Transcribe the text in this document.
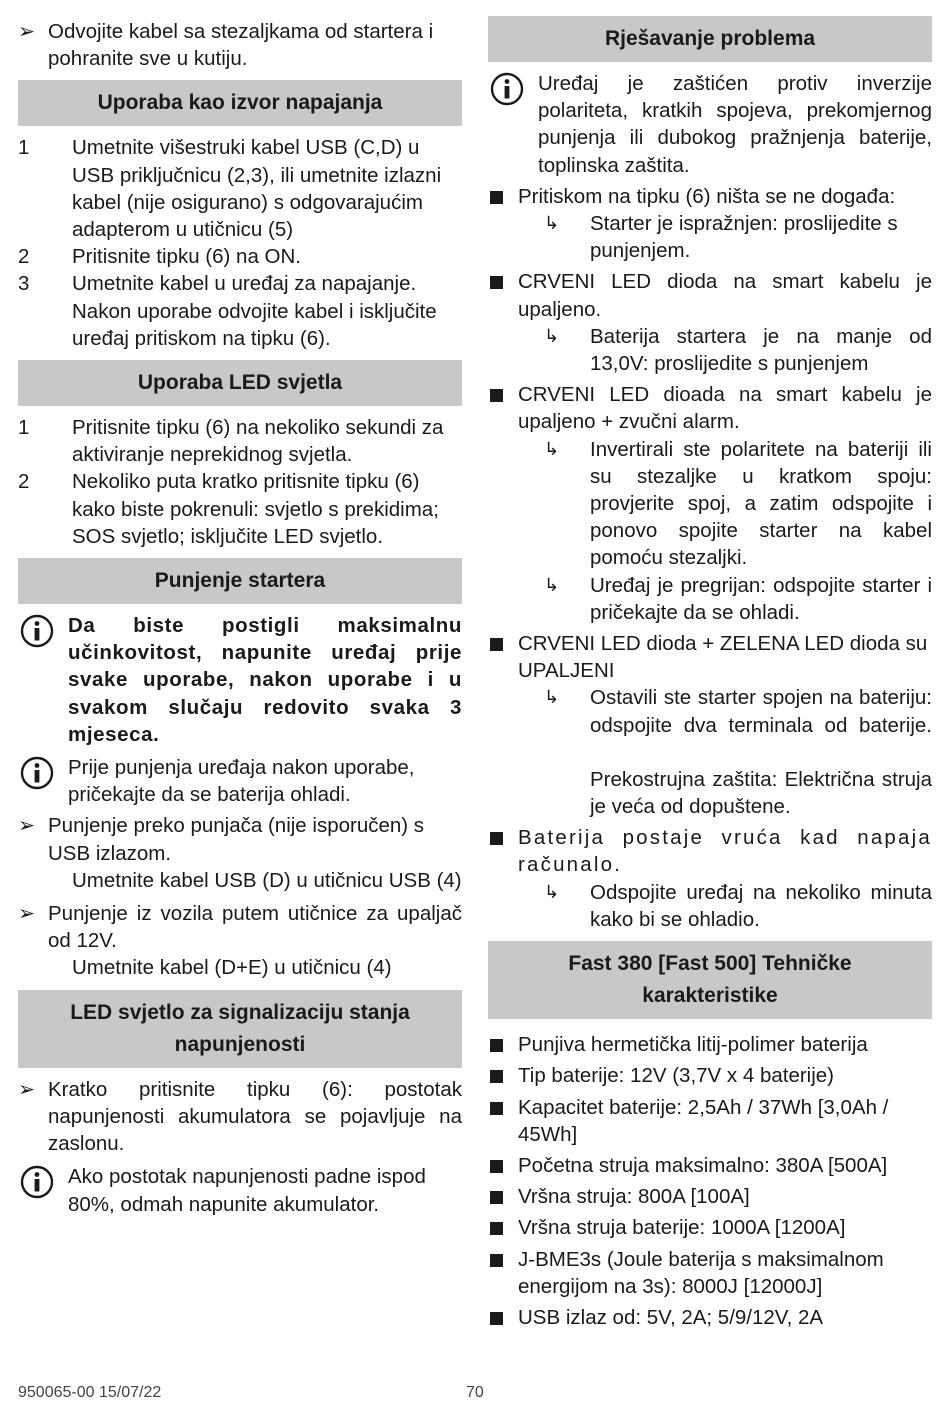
➢ Odvojite kabel sa stezaljkama od startera i pohranite sve u kutiju.
Uporaba kao izvor napajanja
1 Umetnite višestruki kabel USB (C,D) u USB priključnicu (2,3), ili umetnite izlazni kabel (nije osigurano) s odgovarajućim adapterom u utičnicu (5)
2 Pritisnite tipku (6) na ON.
3 Umetnite kabel u uređaj za napajanje. Nakon uporabe odvojite kabel i isključite uređaj pritiskom na tipku (6).
Uporaba LED svjetla
1 Pritisnite tipku (6) na nekoliko sekundi za aktiviranje neprekidnog svjetla.
2 Nekoliko puta kratko pritisnite tipku (6) kako biste pokrenuli: svjetlo s prekidima; SOS svjetlo; isključite LED svjetlo.
Punjenje startera
Da biste postigli maksimalnu učinkovitost, napunite uređaj prije svake uporabe, nakon uporabe i u svakom slučaju redovito svaka 3 mjeseca.
Prije punjenja uređaja nakon uporabe, pričekajte da se baterija ohladi.
➢ Punjenje preko punjača (nije isporučen) s USB izlazom.
Umetnite kabel USB (D) u utičnicu USB (4)
➢ Punjenje iz vozila putem utičnice za upaljač od 12V.
Umetnite kabel (D+E) u utičnicu (4)
LED svjetlo za signalizaciju stanja napunjenosti
➢ Kratko pritisnite tipku (6): postotak napunjenosti akumulatora se pojavljuje na zaslonu.
Ako postotak napunjenosti padne ispod 80%, odmah napunite akumulator.
Rješavanje problema
Uređaj je zaštićen protiv inverzije polariteta, kratkih spojeva, prekomjernog punjenja ili dubokog pražnjenja baterije, toplinska zaštita.
Pritiskom na tipku (6) ništa se ne događa:
↳ Starter je ispražnjen: proslijedite s punjenjem.
CRVENI LED dioda na smart kabelu je upaljeno.
↳ Baterija startera je na manje od 13,0V: proslijedite s punjenjem
CRVENI LED dioada na smart kabelu je upaljeno + zvučni alarm.
↳ Invertirali ste polaritete na bateriji ili su stezaljke u kratkom spoju: provjerite spoj, a zatim odspojite i ponovo spojite starter na kabel pomoću stezaljki.
↳ Uređaj je pregrijan: odspojite starter i pričekajte da se ohladi.
CRVENI LED dioda + ZELENA LED dioda su UPALJENI
↳ Ostavili ste starter spojen na bateriju: odspojite dva terminala od baterije.
Prekostrujna zaštita: Električna struja je veća od dopuštene.
Baterija postaje vruća kad napaja računalo.
↳ Odspojite uređaj na nekoliko minuta kako bi se ohladio.
Fast 380 [Fast 500] Tehničke karakteristike
Punjiva hermetička litij-polimer baterija
Tip baterije: 12V (3,7V x 4 baterije)
Kapacitet baterije: 2,5Ah / 37Wh [3,0Ah / 45Wh]
Početna struja maksimalno: 380A [500A]
Vršna struja: 800A [100A]
Vršna struja baterije: 1000A [1200A]
J-BME3s (Joule baterija s maksimalnom energijom na 3s): 8000J [12000J]
USB izlaz od: 5V, 2A; 5/9/12V, 2A
950065-00 15/07/22	70
